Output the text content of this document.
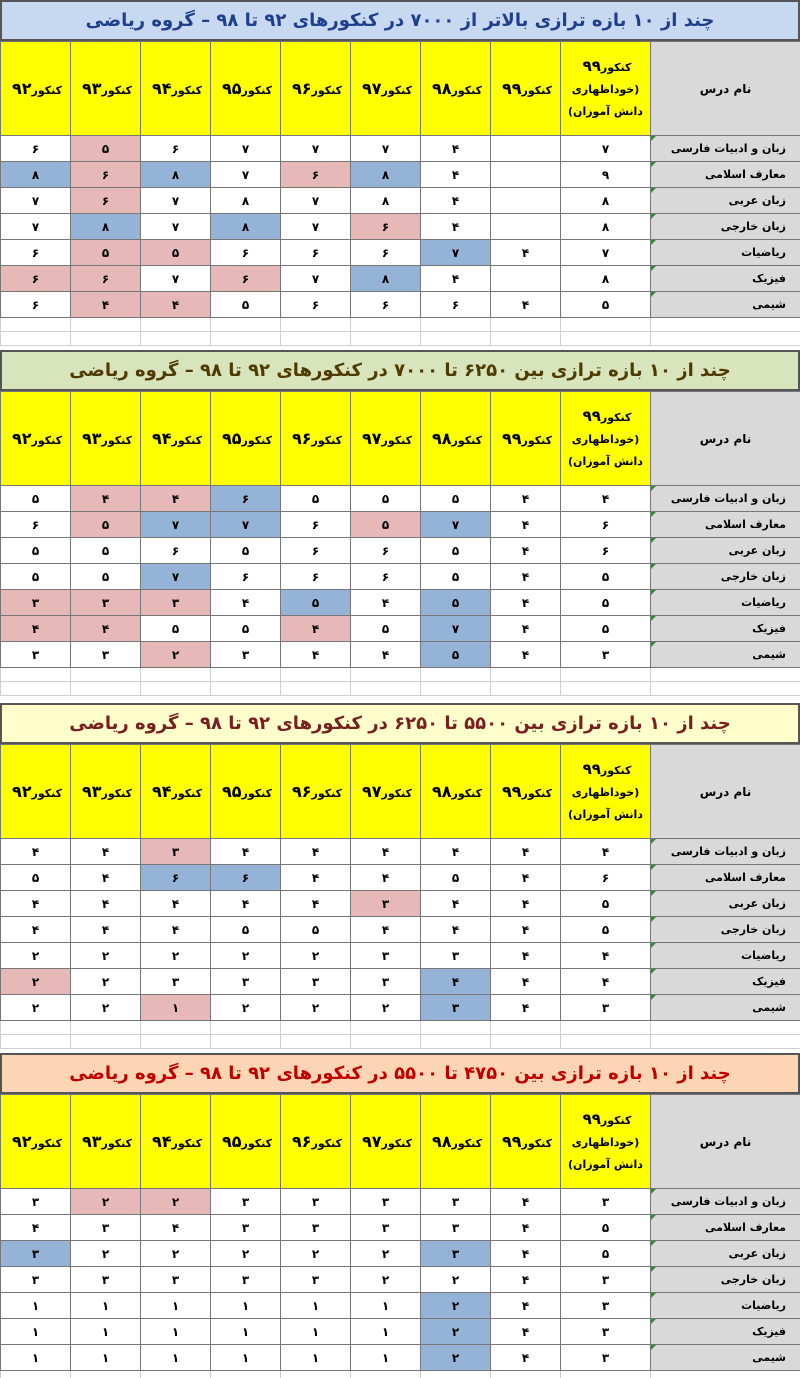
چند از ۱۰ بازه ترازی بالاتر از ۷۰۰۰ در کنکورهای ۹۲ تا ۹۸ – گروه ریاضی
کنکور۹۲	کنکور۹۳	کنکور۹۴	کنکور۹۵	کنکور۹۶	کنکور۹۷	کنکور۹۸	کنکور۹۹	کنکور۹۹
(خوداظهاری
دانش آموزان)	نام درس
۶	۵	۶	۷	۷	۷	۴		۷	زبان و ادبیات فارسی
۸	۶	۸	۷	۶	۸	۴		۹	معارف اسلامی
۷	۶	۷	۸	۷	۸	۴		۸	زبان عربی
۷	۸	۷	۸	۷	۶	۴		۸	زبان خارجی
۶	۵	۵	۶	۶	۶	۷	۴	۷	ریاضیات
۶	۶	۷	۶	۷	۸	۴		۸	فیزیک
۶	۴	۴	۵	۶	۶	۶	۴	۵	شیمی

چند از ۱۰ بازه ترازی بین ۶۲۵۰ تا ۷۰۰۰ در کنکورهای ۹۲ تا ۹۸ – گروه ریاضی
کنکور۹۲	کنکور۹۳	کنکور۹۴	کنکور۹۵	کنکور۹۶	کنکور۹۷	کنکور۹۸	کنکور۹۹	کنکور۹۹
(خوداظهاری
دانش آموزان)	نام درس
۵	۴	۴	۶	۵	۵	۵	۴	۴	زبان و ادبیات فارسی
۶	۵	۷	۷	۶	۵	۷	۴	۶	معارف اسلامی
۵	۵	۶	۵	۶	۶	۵	۴	۶	زبان عربی
۵	۵	۷	۶	۶	۶	۵	۴	۵	زبان خارجی
۳	۳	۳	۴	۵	۴	۵	۴	۵	ریاضیات
۴	۴	۵	۵	۴	۵	۷	۴	۵	فیزیک
۳	۳	۲	۳	۴	۴	۵	۴	۳	شیمی

چند از ۱۰ بازه ترازی بین ۵۵۰۰ تا ۶۲۵۰ در کنکورهای ۹۲ تا ۹۸ – گروه ریاضی
کنکور۹۲	کنکور۹۳	کنکور۹۴	کنکور۹۵	کنکور۹۶	کنکور۹۷	کنکور۹۸	کنکور۹۹	کنکور۹۹
(خوداظهاری
دانش آموزان)	نام درس
۴	۴	۳	۴	۴	۴	۴	۴	۴	زبان و ادبیات فارسی
۵	۴	۶	۶	۴	۴	۵	۴	۶	معارف اسلامی
۴	۴	۴	۴	۴	۳	۴	۴	۵	زبان عربی
۴	۴	۴	۵	۵	۴	۴	۴	۵	زبان خارجی
۲	۲	۲	۲	۲	۳	۳	۴	۴	ریاضیات
۲	۲	۳	۳	۳	۳	۴	۴	۴	فیزیک
۲	۲	۱	۲	۲	۲	۳	۴	۳	شیمی

چند از ۱۰ بازه ترازی بین ۴۷۵۰ تا ۵۵۰۰ در کنکورهای ۹۲ تا ۹۸ – گروه ریاضی
کنکور۹۲	کنکور۹۳	کنکور۹۴	کنکور۹۵	کنکور۹۶	کنکور۹۷	کنکور۹۸	کنکور۹۹	کنکور۹۹
(خوداظهاری
دانش آموزان)	نام درس
۳	۲	۲	۳	۳	۳	۳	۴	۳	زبان و ادبیات فارسی
۴	۳	۴	۳	۳	۳	۳	۴	۵	معارف اسلامی
۳	۲	۲	۲	۲	۲	۳	۴	۵	زبان عربی
۳	۳	۳	۳	۳	۲	۲	۴	۳	زبان خارجی
۱	۱	۱	۱	۱	۱	۲	۴	۳	ریاضیات
۱	۱	۱	۱	۱	۱	۲	۴	۳	فیزیک
۱	۱	۱	۱	۱	۱	۲	۴	۳	شیمی
